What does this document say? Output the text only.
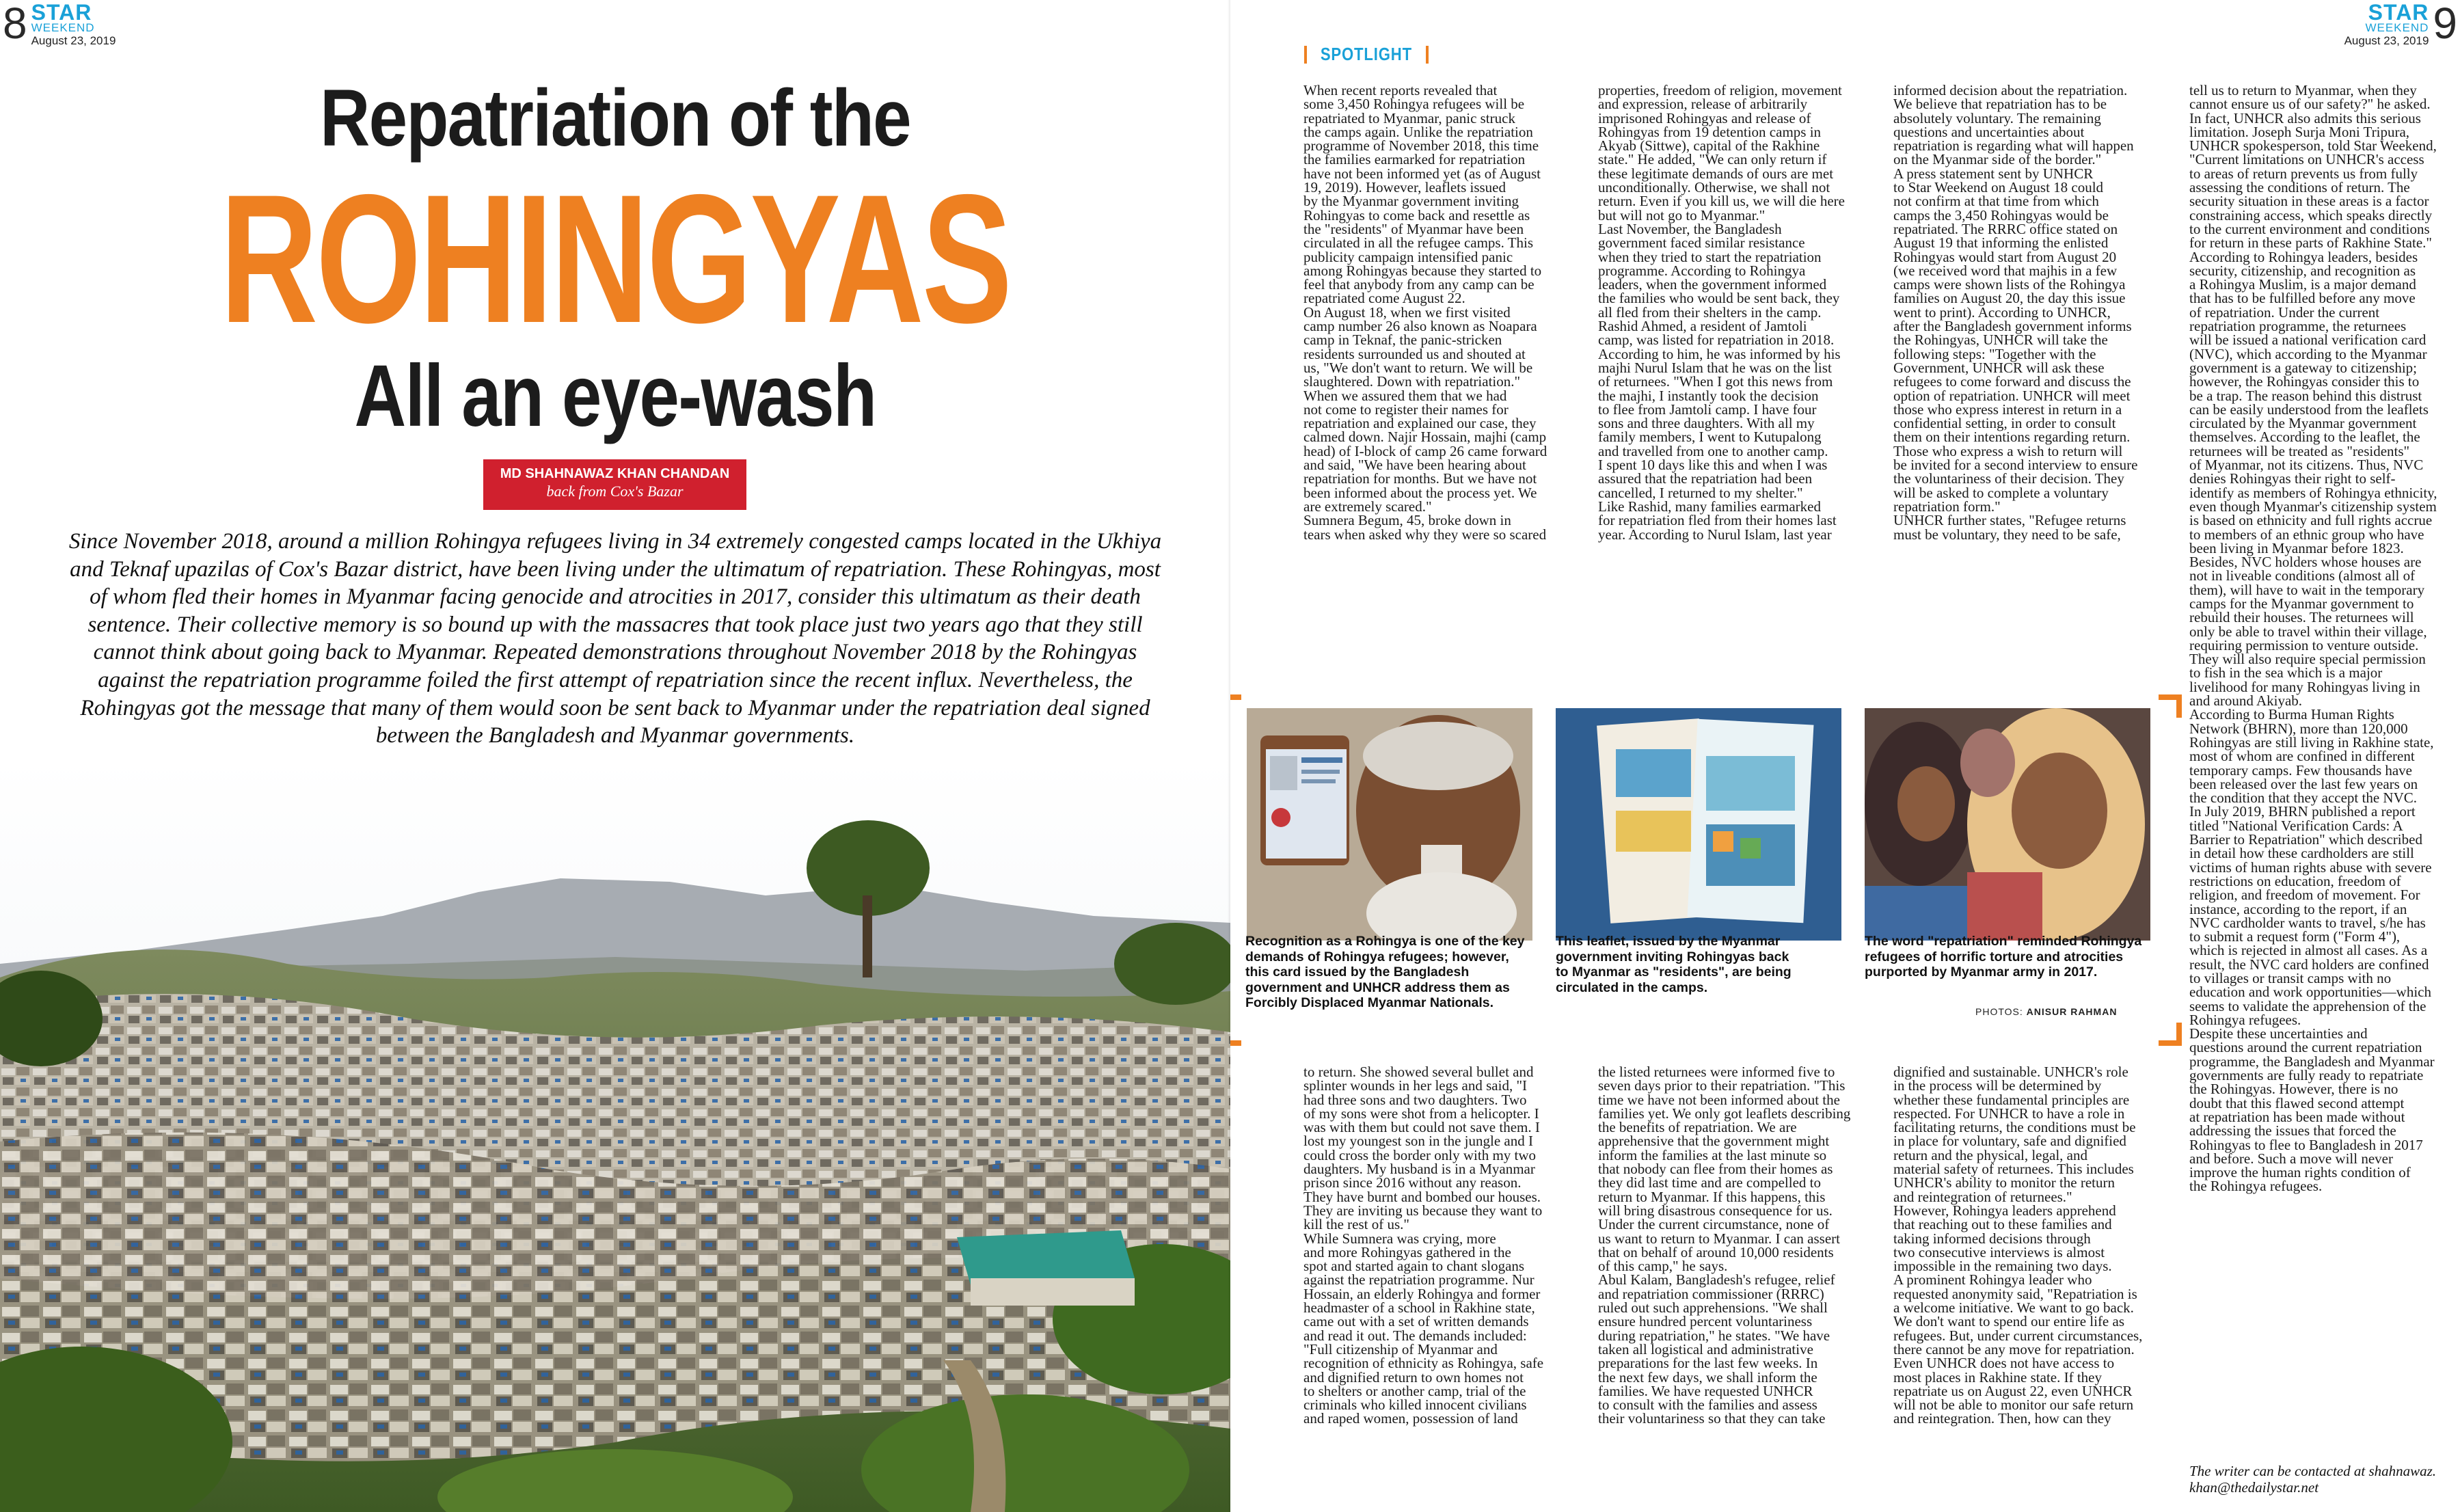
8 STAR
WEEKEND
August 23, 2019
Repatriation of the
ROHINGYAS
All an eye-wash
MD SHAHNAWAZ KHAN CHANDAN
back from Cox's Bazar
Since November 2018, around a million Rohingya refugees living in 34 extremely congested camps located in the Ukhiya and Teknaf upazilas of Cox's Bazar district, have been living under the ultimatum of repatriation. These Rohingyas, most of whom fled their homes in Myanmar facing genocide and atrocities in 2017, consider this ultimatum as their death sentence. Their collective memory is so bound up with the massacres that took place just two years ago that they still cannot think about going back to Myanmar. Repeated demonstrations throughout November 2018 by the Rohingyas against the repatriation programme foiled the first attempt of repatriation since the recent influx. Nevertheless, the Rohingyas got the message that many of them would soon be sent back to Myanmar under the repatriation deal signed between the Bangladesh and Myanmar governments.
9
STAR
WEEKEND
August 23, 2019
SPOTLIGHT
When recent reports revealed that
some 3,450 Rohingya refugees will be
repatriated to Myanmar, panic struck
the camps again. Unlike the repatriation
programme of November 2018, this time
the families earmarked for repatriation
have not been informed yet (as of August
19, 2019). However, leaflets issued
by the Myanmar government inviting
Rohingyas to come back and resettle as
the "residents" of Myanmar have been
circulated in all the refugee camps. This
publicity campaign intensified panic
among Rohingyas because they started to
feel that anybody from any camp can be
repatriated come August 22.
On August 18, when we first visited
camp number 26 also known as Noapara
camp in Teknaf, the panic-stricken
residents surrounded us and shouted at
us, "We don't want to return. We will be
slaughtered. Down with repatriation."
When we assured them that we had
not come to register their names for
repatriation and explained our case, they
calmed down. Najir Hossain, majhi (camp
head) of I-block of camp 26 came forward
and said, "We have been hearing about
repatriation for months. But we have not
been informed about the process yet. We
are extremely scared."
Sumnera Begum, 45, broke down in
tears when asked why they were so scared
properties, freedom of religion, movement
and expression, release of arbitrarily
imprisoned Rohingyas and release of
Rohingyas from 19 detention camps in
Akyab (Sittwe), capital of the Rakhine
state." He added, "We can only return if
these legitimate demands of ours are met
unconditionally. Otherwise, we shall not
return. Even if you kill us, we will die here
but will not go to Myanmar."
Last November, the Bangladesh
government faced similar resistance
when they tried to start the repatriation
programme. According to Rohingya
leaders, when the government informed
the families who would be sent back, they
all fled from their shelters in the camp.
Rashid Ahmed, a resident of Jamtoli
camp, was listed for repatriation in 2018.
According to him, he was informed by his
majhi Nurul Islam that he was on the list
of returnees. "When I got this news from
the majhi, I instantly took the decision
to flee from Jamtoli camp. I have four
sons and three daughters. With all my
family members, I went to Kutupalong
and travelled from one to another camp.
I spent 10 days like this and when I was
assured that the repatriation had been
cancelled, I returned to my shelter."
Like Rashid, many families earmarked
for repatriation fled from their homes last
year. According to Nurul Islam, last year
informed decision about the repatriation.
We believe that repatriation has to be
absolutely voluntary. The remaining
questions and uncertainties about
repatriation is regarding what will happen
on the Myanmar side of the border."
A press statement sent by UNHCR
to Star Weekend on August 18 could
not confirm at that time from which
camps the 3,450 Rohingyas would be
repatriated. The RRRC office stated on
August 19 that informing the enlisted
Rohingyas would start from August 20
(we received word that majhis in a few
camps were shown lists of the Rohingya
families on August 20, the day this issue
went to print). According to UNHCR,
after the Bangladesh government informs
the Rohingyas, UNHCR will take the
following steps: "Together with the
Government, UNHCR will ask these
refugees to come forward and discuss the
option of repatriation. UNHCR will meet
those who express interest in return in a
confidential setting, in order to consult
them on their intentions regarding return.
Those who express a wish to return will
be invited for a second interview to ensure
the voluntariness of their decision. They
will be asked to complete a voluntary
repatriation form."
UNHCR further states, "Refugee returns
must be voluntary, they need to be safe,
tell us to return to Myanmar, when they
cannot ensure us of our safety?" he asked.
In fact, UNHCR also admits this serious
limitation. Joseph Surja Moni Tripura,
UNHCR spokesperson, told Star Weekend,
"Current limitations on UNHCR's access
to areas of return prevents us from fully
assessing the conditions of return. The
security situation in these areas is a factor
constraining access, which speaks directly
to the current environment and conditions
for return in these parts of Rakhine State."
According to Rohingya leaders, besides
security, citizenship, and recognition as
a Rohingya Muslim, is a major demand
that has to be fulfilled before any move
of repatriation. Under the current
repatriation programme, the returnees
will be issued a national verification card
(NVC), which according to the Myanmar
government is a gateway to citizenship;
however, the Rohingyas consider this to
be a trap. The reason behind this distrust
can be easily understood from the leaflets
circulated by the Myanmar government
themselves. According to the leaflet, the
returnees will be treated as "residents"
of Myanmar, not its citizens. Thus, NVC
denies Rohingyas their right to self-
identify as members of Rohingya ethnicity,
even though Myanmar's citizenship system
is based on ethnicity and full rights accrue
to members of an ethnic group who have
been living in Myanmar before 1823.
Besides, NVC holders whose houses are
not in liveable conditions (almost all of
them), will have to wait in the temporary
camps for the Myanmar government to
rebuild their houses. The returnees will
only be able to travel within their village,
requiring permission to venture outside.
They will also require special permission
to fish in the sea which is a major
livelihood for many Rohingyas living in
and around Akiyab.
According to Burma Human Rights
Network (BHRN), more than 120,000
Rohingyas are still living in Rakhine state,
most of whom are confined in different
temporary camps. Few thousands have
been released over the last few years on
the condition that they accept the NVC.
In July 2019, BHRN published a report
titled "National Verification Cards: A
Barrier to Repatriation" which described
in detail how these cardholders are still
victims of human rights abuse with severe
restrictions on education, freedom of
religion, and freedom of movement. For
instance, according to the report, if an
NVC cardholder wants to travel, s/he has
to submit a request form ("Form 4"),
which is rejected in almost all cases. As a
result, the NVC card holders are confined
to villages or transit camps with no
education and work opportunities—which
seems to validate the apprehension of the
Rohingya refugees.
Despite these uncertainties and
questions around the current repatriation
programme, the Bangladesh and Myanmar
governments are fully ready to repatriate
the Rohingyas. However, there is no
doubt that this flawed second attempt
at repatriation has been made without
addressing the issues that forced the
Rohingyas to flee to Bangladesh in 2017
and before. Such a move will never
improve the human rights condition of
the Rohingya refugees.
Recognition as a Rohingya is one of the key
demands of Rohingya refugees; however,
this card issued by the Bangladesh
government and UNHCR address them as
Forcibly Displaced Myanmar Nationals.
This leaflet, issued by the Myanmar
government inviting Rohingyas back
to Myanmar as "residents", are being
circulated in the camps.
The word "repatriation" reminded Rohingya
refugees of horrific torture and atrocities
purported by Myanmar army in 2017.
PHOTOS: ANISUR RAHMAN
to return. She showed several bullet and
splinter wounds in her legs and said, "I
had three sons and two daughters. Two
of my sons were shot from a helicopter. I
was with them but could not save them. I
lost my youngest son in the jungle and I
could cross the border only with my two
daughters. My husband is in a Myanmar
prison since 2016 without any reason.
They have burnt and bombed our houses.
They are inviting us because they want to
kill the rest of us."
While Sumnera was crying, more
and more Rohingyas gathered in the
spot and started again to chant slogans
against the repatriation programme. Nur
Hossain, an elderly Rohingya and former
headmaster of a school in Rakhine state,
came out with a set of written demands
and read it out. The demands included:
"Full citizenship of Myanmar and
recognition of ethnicity as Rohingya, safe
and dignified return to own homes not
to shelters or another camp, trial of the
criminals who killed innocent civilians
and raped women, possession of land
the listed returnees were informed five to
seven days prior to their repatriation. "This
time we have not been informed about the
families yet. We only got leaflets describing
the benefits of repatriation. We are
apprehensive that the government might
inform the families at the last minute so
that nobody can flee from their homes as
they did last time and are compelled to
return to Myanmar. If this happens, this
will bring disastrous consequence for us.
Under the current circumstance, none of
us want to return to Myanmar. I can assert
that on behalf of around 10,000 residents
of this camp," he says.
Abul Kalam, Bangladesh's refugee, relief
and repatriation commissioner (RRRC)
ruled out such apprehensions. "We shall
ensure hundred percent voluntariness
during repatriation," he states. "We have
taken all logistical and administrative
preparations for the last few weeks. In
the next few days, we shall inform the
families. We have requested UNHCR
to consult with the families and assess
their voluntariness so that they can take
dignified and sustainable. UNHCR's role
in the process will be determined by
whether these fundamental principles are
respected. For UNHCR to have a role in
facilitating returns, the conditions must be
in place for voluntary, safe and dignified
return and the physical, legal, and
material safety of returnees. This includes
UNHCR's ability to monitor the return
and reintegration of returnees."
However, Rohingya leaders apprehend
that reaching out to these families and
taking informed decisions through
two consecutive interviews is almost
impossible in the remaining two days.
A prominent Rohingya leader who
requested anonymity said, "Repatriation is
a welcome initiative. We want to go back.
We don't want to spend our entire life as
refugees. But, under current circumstances,
there cannot be any move for repatriation.
Even UNHCR does not have access to
most places in Rakhine state. If they
repatriate us on August 22, even UNHCR
will not be able to monitor our safe return
and reintegration. Then, how can they
The writer can be contacted at shahnawaz.
khan@thedailystar.net
